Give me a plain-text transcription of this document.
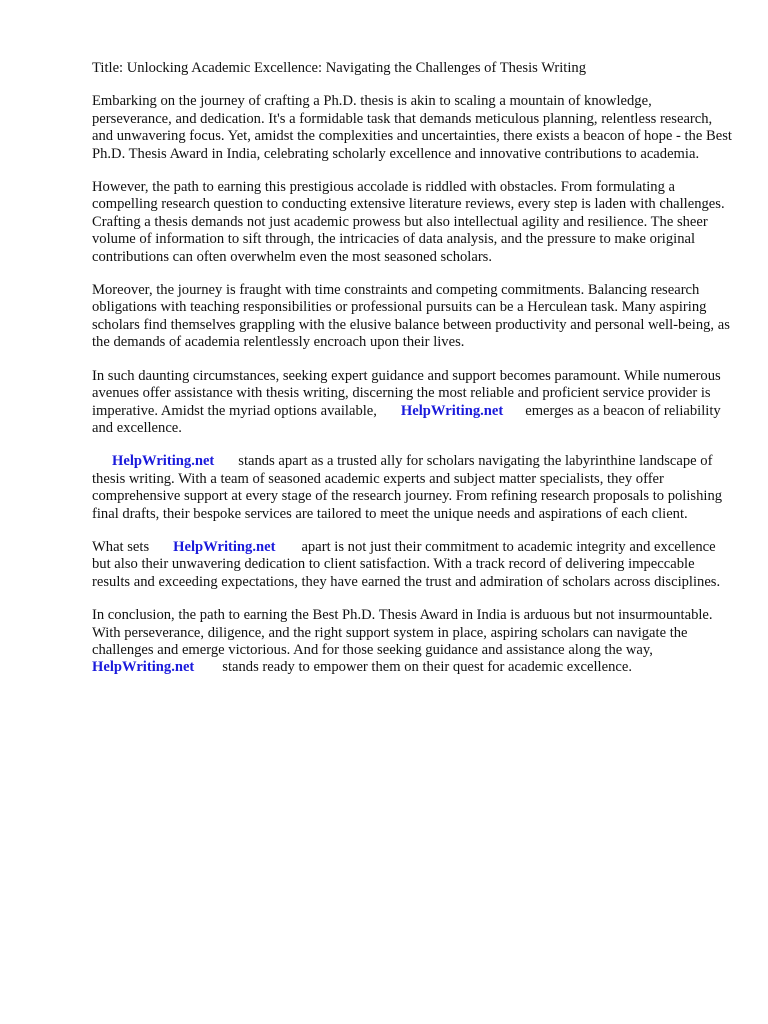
Title: Unlocking Academic Excellence: Navigating the Challenges of Thesis Writing

Embarking on the journey of crafting a Ph.D. thesis is akin to scaling a mountain of knowledge, perseverance, and dedication. It's a formidable task that demands meticulous planning, relentless research, and unwavering focus. Yet, amidst the complexities and uncertainties, there exists a beacon of hope - the Best Ph.D. Thesis Award in India, celebrating scholarly excellence and innovative contributions to academia.

However, the path to earning this prestigious accolade is riddled with obstacles. From formulating a compelling research question to conducting extensive literature reviews, every step is laden with challenges. Crafting a thesis demands not just academic prowess but also intellectual agility and resilience. The sheer volume of information to sift through, the intricacies of data analysis, and the pressure to make original contributions can often overwhelm even the most seasoned scholars.

Moreover, the journey is fraught with time constraints and competing commitments. Balancing research obligations with teaching responsibilities or professional pursuits can be a Herculean task. Many aspiring scholars find themselves grappling with the elusive balance between productivity and personal well-being, as the demands of academia relentlessly encroach upon their lives.

In such daunting circumstances, seeking expert guidance and support becomes paramount. While numerous avenues offer assistance with thesis writing, discerning the most reliable and proficient service provider is imperative. Amidst the myriad options available, HelpWriting.net emerges as a beacon of reliability and excellence.

HelpWriting.net stands apart as a trusted ally for scholars navigating the labyrinthine landscape of thesis writing. With a team of seasoned academic experts and subject matter specialists, they offer comprehensive support at every stage of the research journey. From refining research proposals to polishing final drafts, their bespoke services are tailored to meet the unique needs and aspirations of each client.

What sets HelpWriting.net apart is not just their commitment to academic integrity and excellence but also their unwavering dedication to client satisfaction. With a track record of delivering impeccable results and exceeding expectations, they have earned the trust and admiration of scholars across disciplines.

In conclusion, the path to earning the Best Ph.D. Thesis Award in India is arduous but not insurmountable. With perseverance, diligence, and the right support system in place, aspiring scholars can navigate the challenges and emerge victorious. And for those seeking guidance and assistance along the way,HelpWriting.net stands ready to empower them on their quest for academic excellence.
